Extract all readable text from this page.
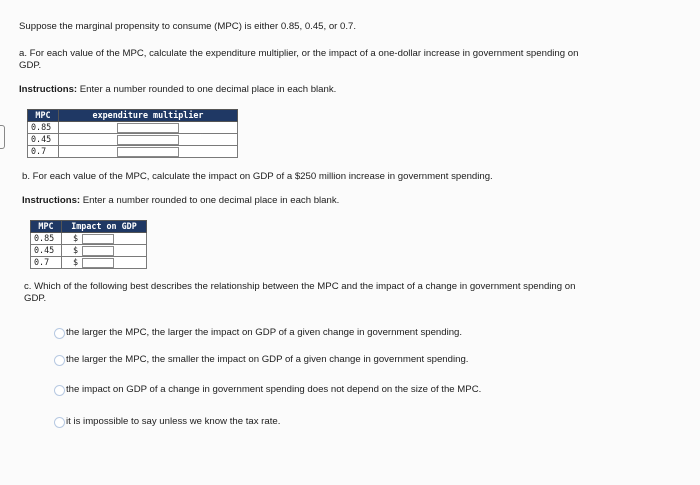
Suppose the marginal propensity to consume (MPC) is either 0.85, 0.45, or 0.7.
a. For each value of the MPC, calculate the expenditure multiplier, or the impact of a one-dollar increase in government spending on
GDP.
Instructions: Enter a number rounded to one decimal place in each blank.
MPC	expenditure multiplier
0.85	
0.45	
0.7	
b. For each value of the MPC, calculate the impact on GDP of a $250 million increase in government spending.
Instructions: Enter a number rounded to one decimal place in each blank.
MPC	Impact on GDP
0.85	$
0.45	$
0.7	$
c. Which of the following best describes the relationship between the MPC and the impact of a change in government spending on
GDP.
the larger the MPC, the larger the impact on GDP of a given change in government spending.
the larger the MPC, the smaller the impact on GDP of a given change in government spending.
the impact on GDP of a change in government spending does not depend on the size of the MPC.
it is impossible to say unless we know the tax rate.
